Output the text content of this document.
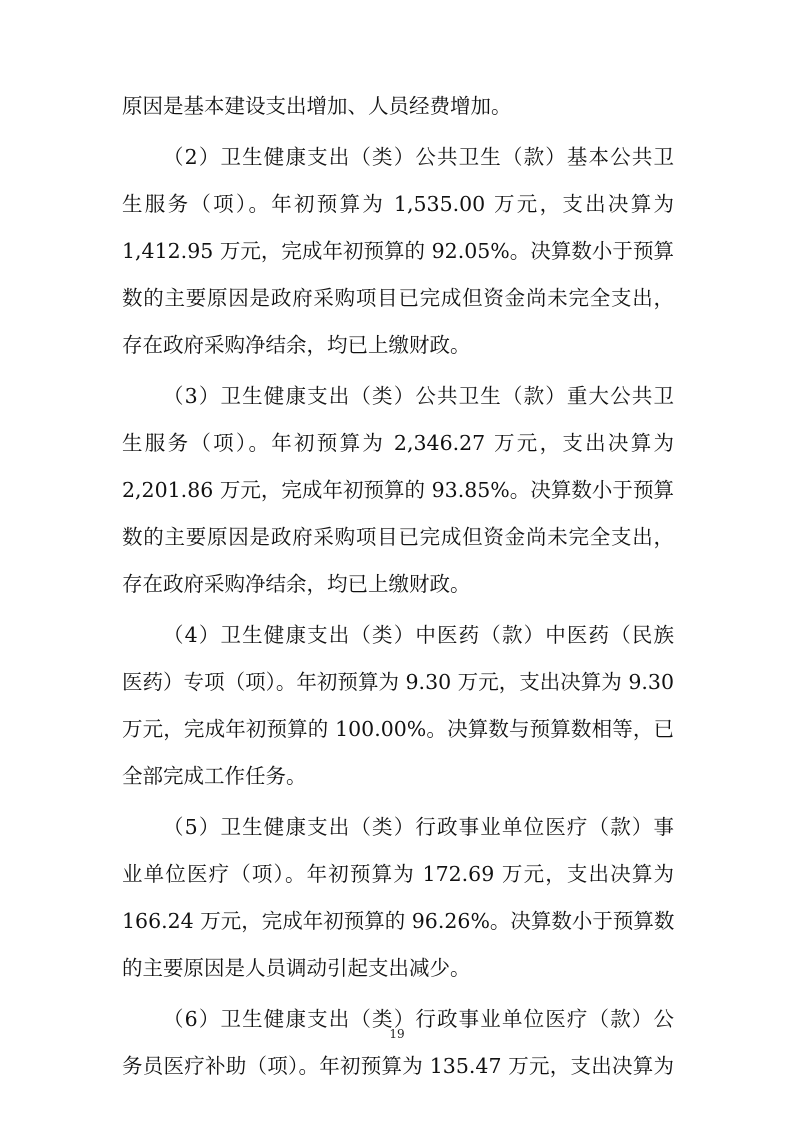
原因是基本建设支出增加、人员经费增加。
（2）卫生健康支出（类）公共卫生（款）基本公共卫
生服务（项）。年初预算为 1,535.00 万元，支出决算为
1,412.95 万元，完成年初预算的 92.05%。决算数小于预算
数的主要原因是政府采购项目已完成但资金尚未完全支出，
存在政府采购净结余，均已上缴财政。
（3）卫生健康支出（类）公共卫生（款）重大公共卫
生服务（项）。年初预算为 2,346.27 万元，支出决算为
2,201.86 万元，完成年初预算的 93.85%。决算数小于预算
数的主要原因是政府采购项目已完成但资金尚未完全支出，
存在政府采购净结余，均已上缴财政。
（4）卫生健康支出（类）中医药（款）中医药（民族
医药）专项（项）。年初预算为 9.30 万元，支出决算为 9.30
万元，完成年初预算的 100.00%。决算数与预算数相等，已
全部完成工作任务。
（5）卫生健康支出（类）行政事业单位医疗（款）事
业单位医疗（项）。年初预算为 172.69 万元，支出决算为
166.24 万元，完成年初预算的 96.26%。决算数小于预算数
的主要原因是人员调动引起支出减少。
（6）卫生健康支出（类）行政事业单位医疗（款）公
务员医疗补助（项）。年初预算为 135.47 万元，支出决算为
19
